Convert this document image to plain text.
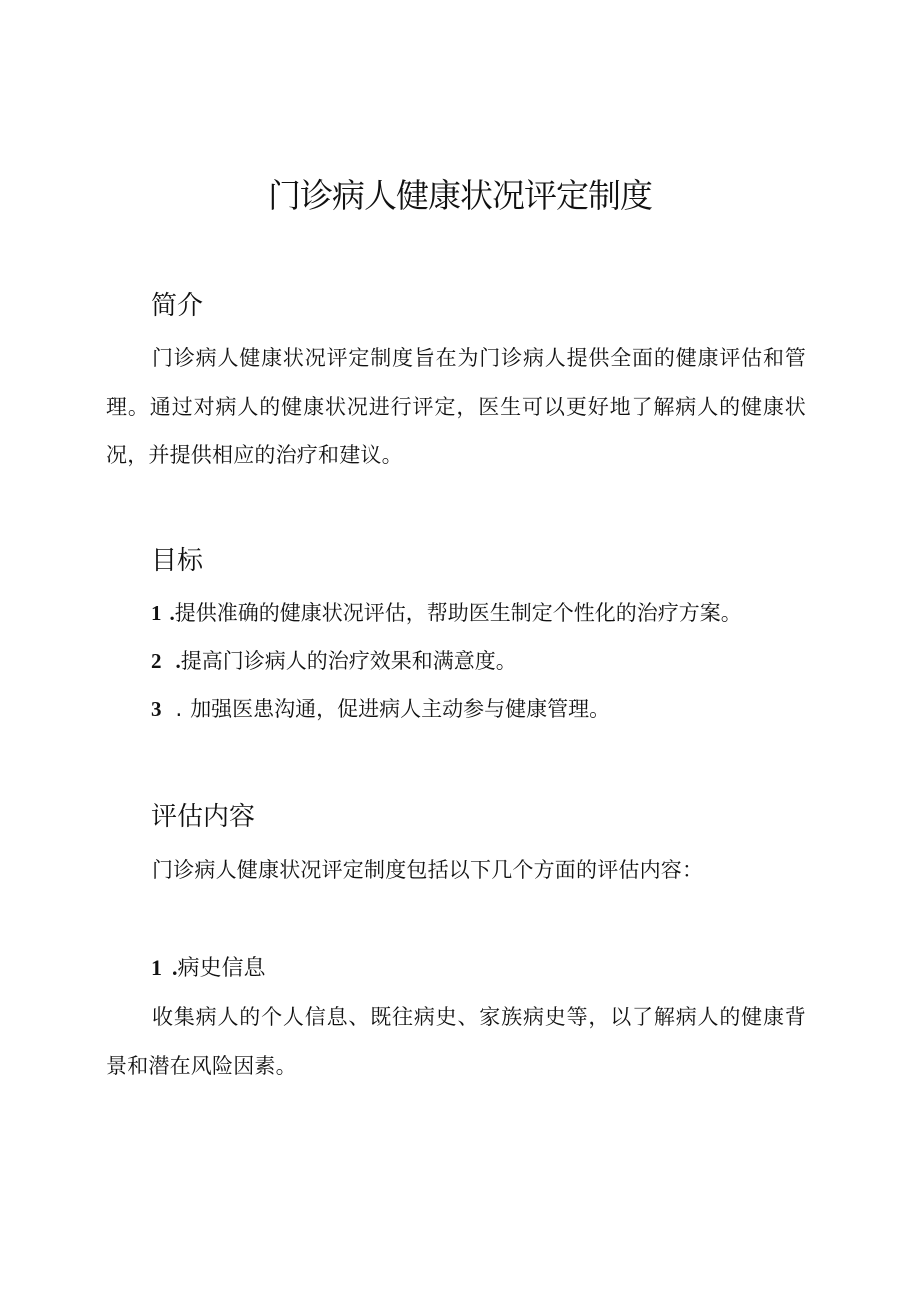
门诊病人健康状况评定制度
简介

门诊病人健康状况评定制度旨在为门诊病人提供全面的健康评估和管理。通过对病人的健康状况进行评定，医生可以更好地了解病人的健康状况，并提供相应的治疗和建议。

目标
1 .提供准确的健康状况评估，帮助医生制定个性化的治疗方案。
2 .提高门诊病人的治疗效果和满意度。
3 . 加强医患沟通，促进病人主动参与健康管理。
评估内容

门诊病人健康状况评定制度包括以下几个方面的评估内容：

1 .病史信息

收集病人的个人信息、既往病史、家族病史等，以了解病人的健康背景和潜在风险因素。
